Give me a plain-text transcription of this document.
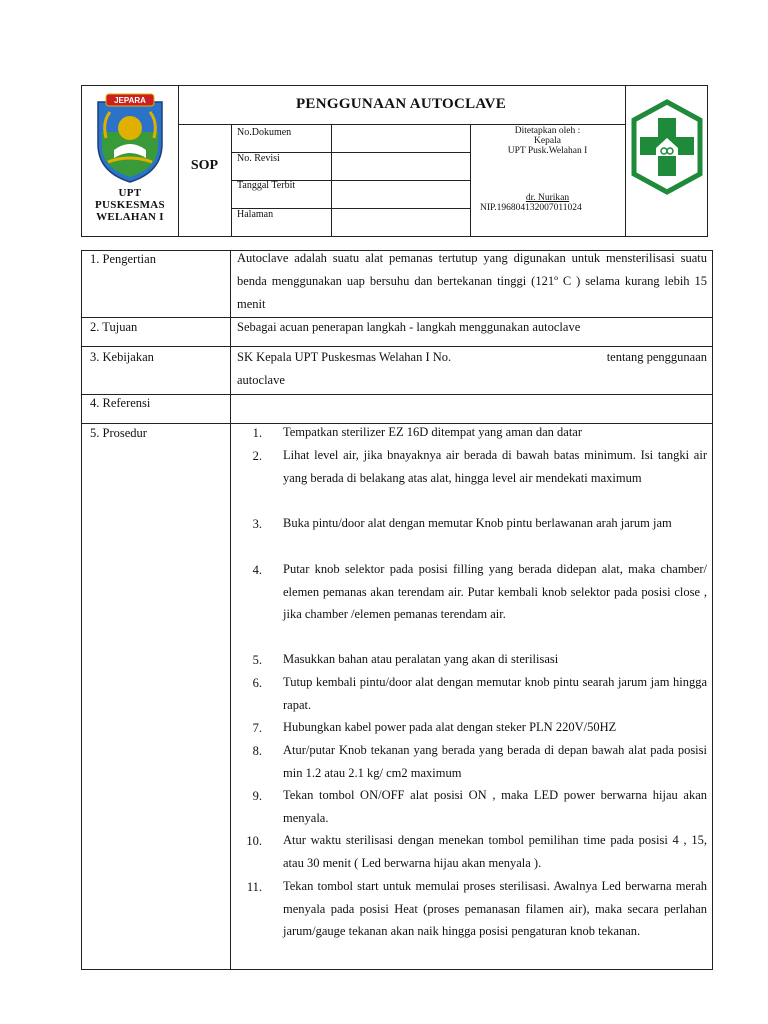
JEPARA
UPT
PUSKESMAS
WELAHAN I
PENGGUNAAN AUTOCLAVE
SOP
No.Dokumen
No. Revisi
Tanggal Terbit
Halaman
Ditetapkan oleh :
Kepala
UPT Pusk.Welahan I
dr. Nurikan
NIP.196804132007011024
1. Pengertian	Autoclave adalah suatu alat pemanas tertutup yang digunakan untuk mensterilisasi suatu benda menggunakan uap bersuhu dan bertekanan tinggi (121º C ) selama kurang lebih 15 menit
2. Tujuan	Sebagai acuan penerapan langkah - langkah menggunakan autoclave
3. Kebijakan	SK Kepala UPT Puskesmas Welahan I No.	tentang penggunaan
autoclave
4. Referensi
5. Prosedur	1. Tempatkan sterilizer EZ 16D ditempat yang aman dan datar
2. Lihat level air, jika bnayaknya air berada di bawah batas minimum. Isi tangki air yang berada di belakang atas alat, hingga level air mendekati maximum
3. Buka pintu/door alat dengan memutar Knob pintu berlawanan arah jarum jam
4. Putar knob selektor pada posisi filling yang berada didepan alat, maka chamber/ elemen pemanas akan terendam air. Putar kembali knob selektor pada posisi close , jika chamber /elemen pemanas terendam air.
5. Masukkan bahan atau peralatan yang akan di sterilisasi
6. Tutup kembali pintu/door alat dengan memutar knob pintu searah jarum jam hingga rapat.
7. Hubungkan kabel power pada alat dengan steker PLN 220V/50HZ
8. Atur/putar Knob tekanan yang berada yang berada di depan bawah alat pada posisi min 1.2 atau 2.1 kg/ cm2 maximum
9. Tekan tombol ON/OFF alat posisi ON , maka LED power berwarna hijau akan menyala.
10. Atur waktu sterilisasi dengan menekan tombol pemilihan time pada posisi 4 , 15, atau 30 menit ( Led berwarna hijau akan menyala ).
11. Tekan tombol start untuk memulai proses sterilisasi. Awalnya Led berwarna merah menyala pada posisi Heat (proses pemanasan filamen air), maka secara perlahan jarum/gauge tekanan akan naik hingga posisi pengaturan knob tekanan.
